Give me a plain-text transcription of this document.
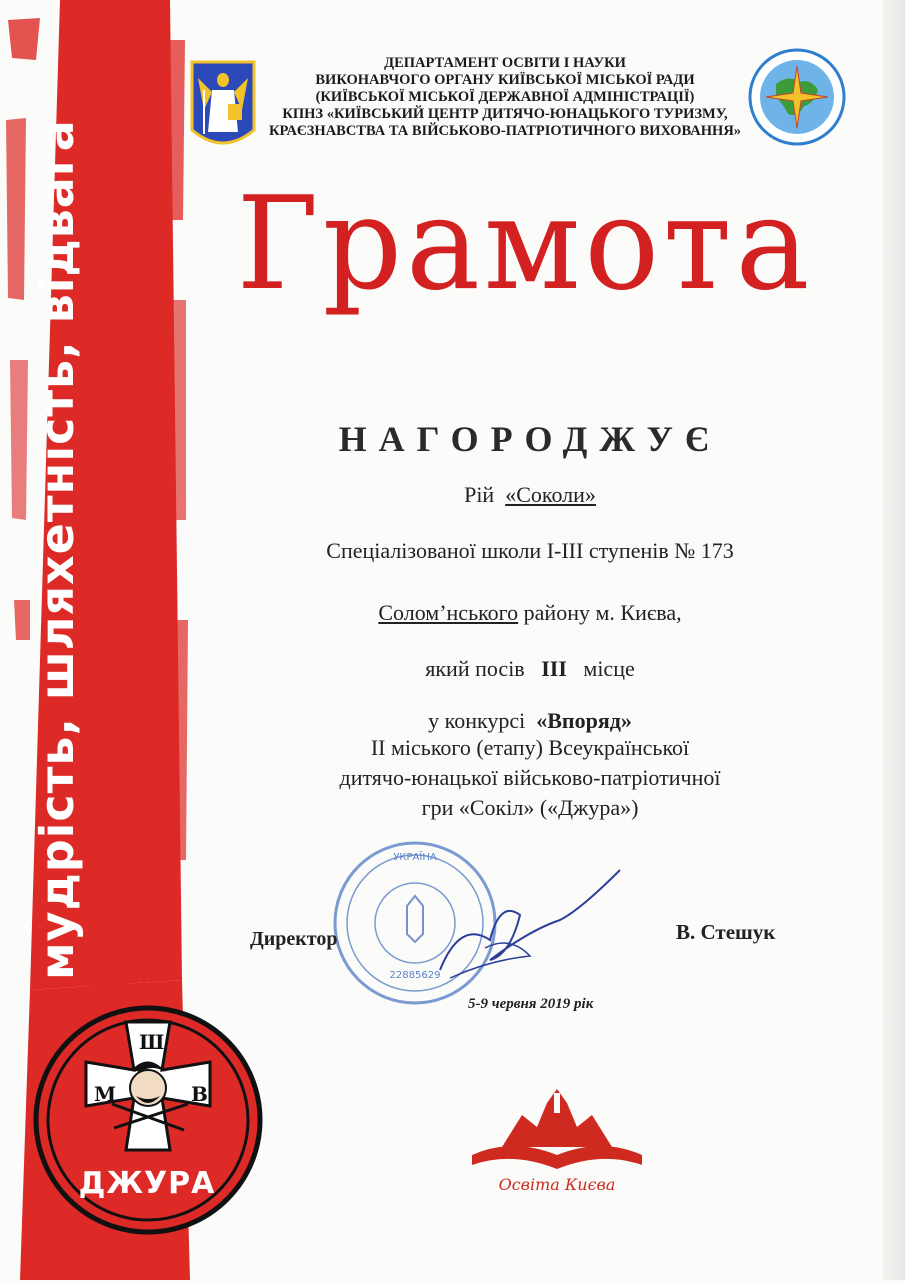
мудрість, шляхетність, відвага
Ш
М	В
ДЖУРА
ДЕПАРТАМЕНТ ОСВІТИ І НАУКИ
ВИКОНАВЧОГО ОРГАНУ КИЇВСЬКОЇ МІСЬКОЇ РАДИ
(КИЇВСЬКОЇ МІСЬКОЇ ДЕРЖАВНОЇ АДМІНІСТРАЦІЇ)
КПНЗ «КИЇВСЬКИЙ ЦЕНТР ДИТЯЧО-ЮНАЦЬКОГО ТУРИЗМУ,
КРАЄЗНАВСТВА ТА ВІЙСЬКОВО-ПАТРІОТИЧНОГО ВИХОВАННЯ»
Грамота
НАГОРОДЖУЄ
Рій «Соколи»
Спеціалізованої школи І-ІІІ ступенів № 173
Солом’нського району м. Києва,
який посів ІІІ місце
у конкурсі «Впоряд»
ІІ міського (етапу) Всеукраїнської
дитячо-юнацької військово-патріотичної
гри «Сокіл» («Джура»)
УКРАЇНА
22885629
Директор	В. Стешук
5-9 червня 2019 рік
Освіта Києва
